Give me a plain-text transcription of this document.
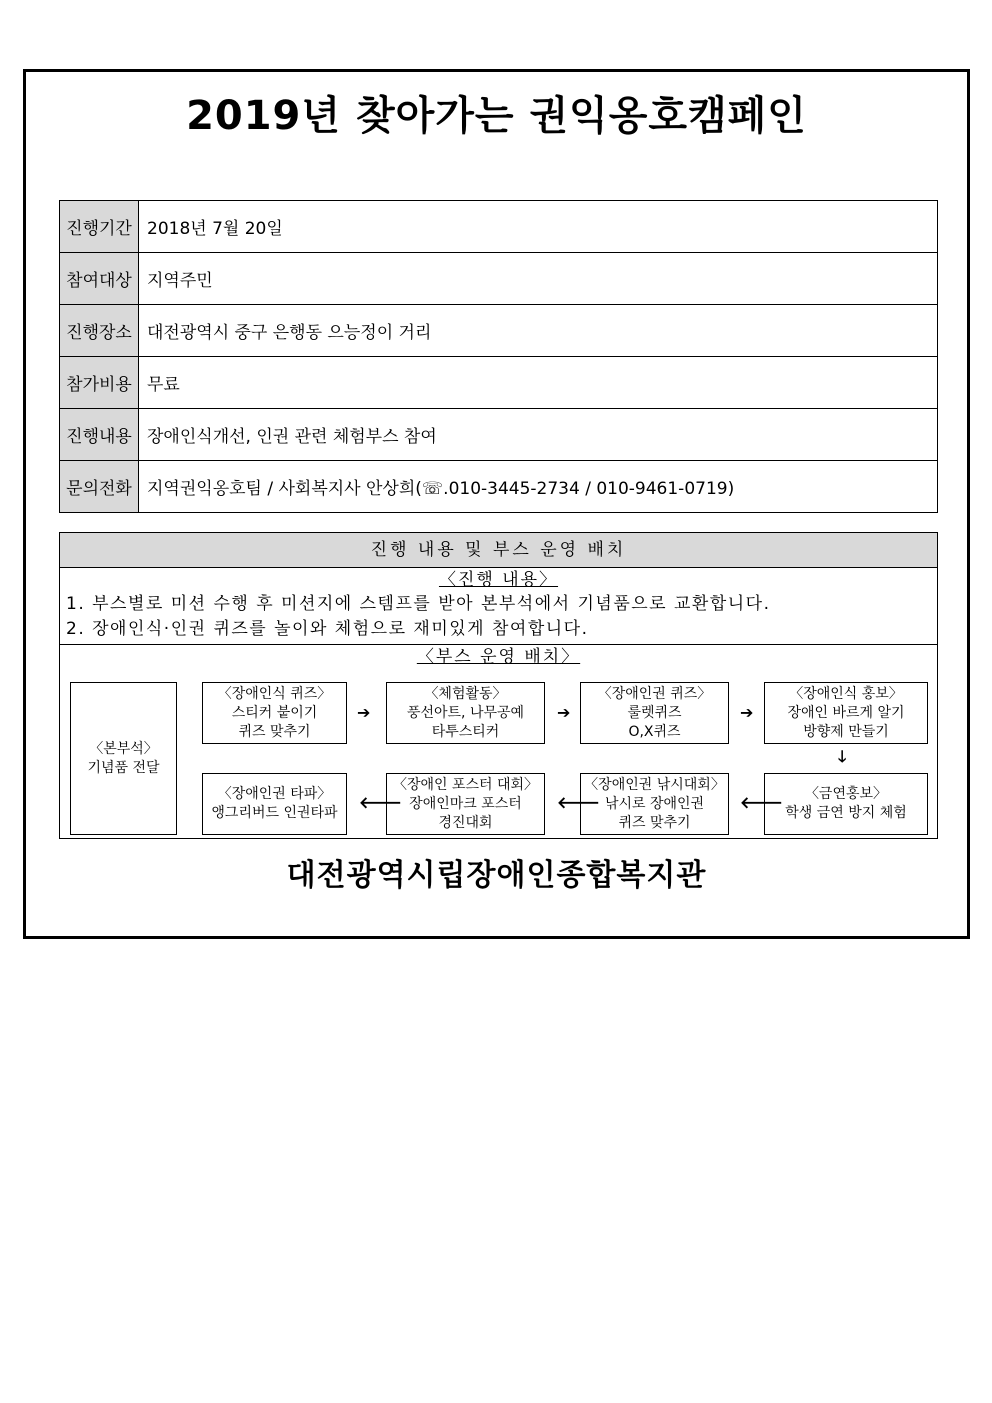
2019년 찾아가는 권익옹호캠페인
진행기간	2018년 7월 20일
참여대상	지역주민
진행장소	대전광역시 중구 은행동 으능정이 거리
참가비용	무료
진행내용	장애인식개선, 인권 관련 체험부스 참여
문의전화	지역권익옹호팀 / 사회복지사 안상희(☏.010-3445-2734 / 010-9461-0719)
진행 내용 및 부스 운영 배치
〈진행 내용〉
1. 부스별로 미션 수행 후 미션지에 스템프를 받아 본부석에서 기념품으로 교환합니다.
2. 장애인식·인권 퀴즈를 놀이와 체험으로 재미있게 참여합니다.
〈부스 운영 배치〉
〈본부석〉
기념품 전달
〈장애인식 퀴즈〉
스티커 붙이기
퀴즈 맞추기
➔
〈체험활동〉
풍선아트, 나무공예
타투스티커
➔
〈장애인권 퀴즈〉
룰렛퀴즈
O,X퀴즈
➔
〈장애인식 홍보〉
장애인 바르게 알기
방향제 만들기
🡓
〈금연홍보〉
학생 금연 방지 체험
🡐
〈장애인권 낚시대회〉
낚시로 장애인권
퀴즈 맞추기
🡐
〈장애인 포스터 대회〉
장애인마크 포스터
경진대회
🡐
〈장애인권 타파〉
앵그리버드 인권타파
대전광역시립장애인종합복지관
